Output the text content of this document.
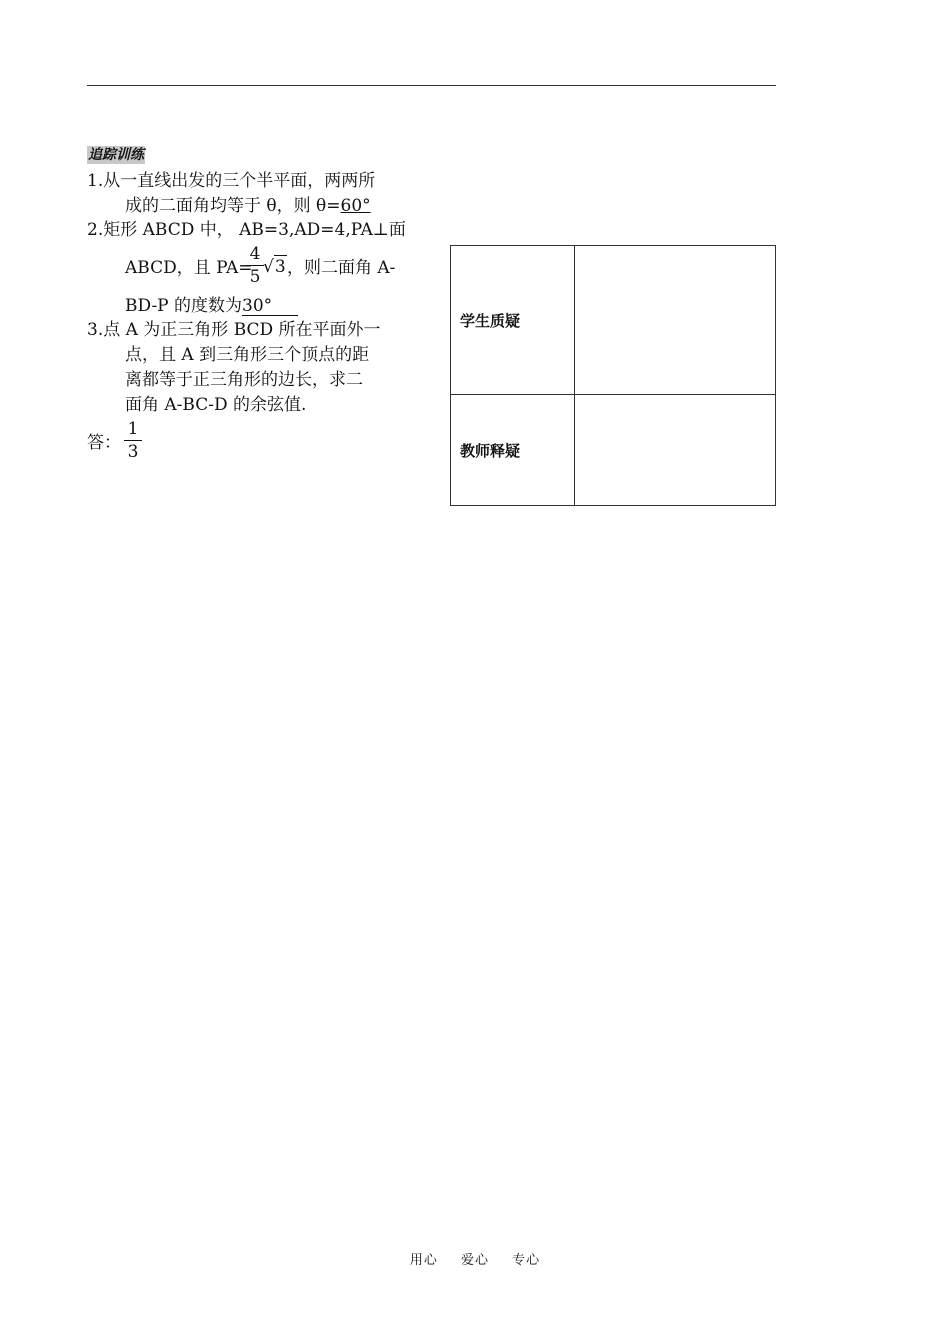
追踪训练
1.从一直线出发的三个半平面，两两所
成的二面角均等于 θ，则 θ=60°
2.矩形 ABCD 中， AB=3,AD=4,PA⊥面
ABCD，且 PA=
4
5 √3 ，则二面角 A-
BD-P 的度数为30°
3.点 A 为正三角形 BCD 所在平面外一
点，且 A 到三角形三个顶点的距
离都等于正三角形的边长，求二
面角 A-BC-D 的余弦值.
答：
1
3
学生质疑
教师释疑
用心 爱心 专心
